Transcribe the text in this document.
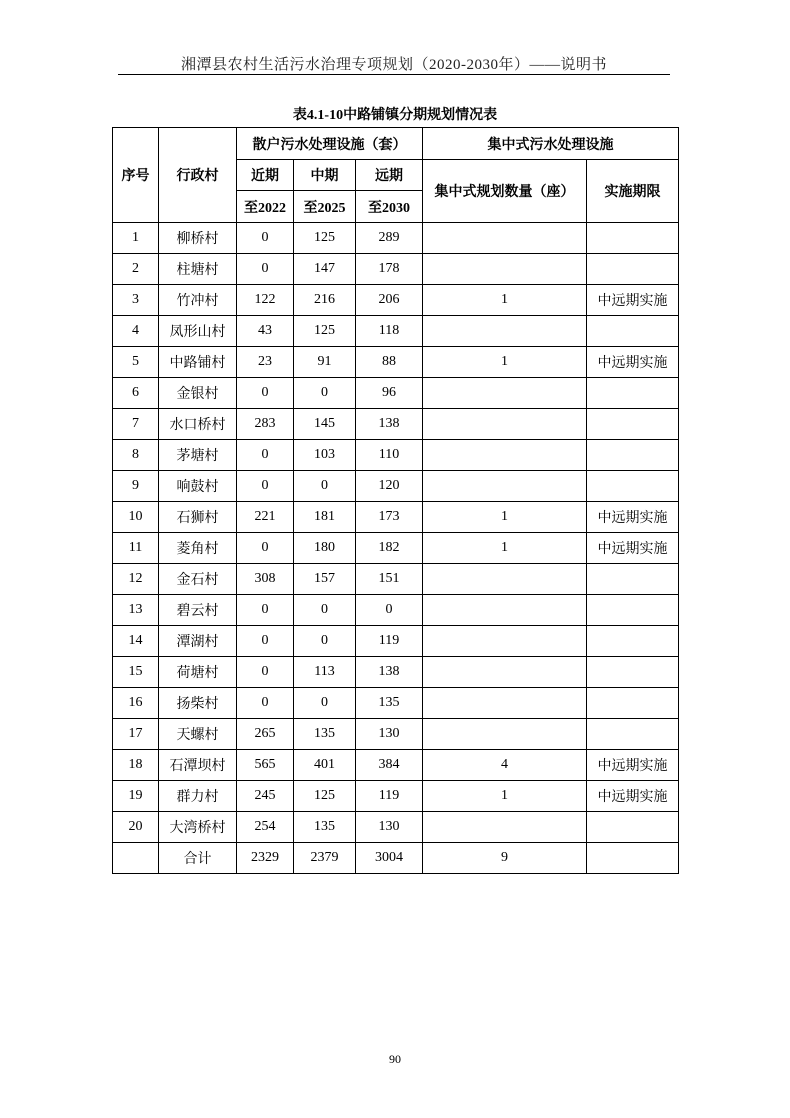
湘潭县农村生活污水治理专项规划（2020-2030年）——说明书
表4.1-10中路铺镇分期规划情况表
序号	行政村	散户污水处理设施（套）			集中式污水处理设施	
		近期	中期	远期	集中式规划数量（座）	实施期限
		至2022	至2025	至2030		
1	柳桥村	0	125	289		
2	柱塘村	0	147	178		
3	竹冲村	122	216	206	1	中远期实施
4	凤形山村	43	125	118		
5	中路铺村	23	91	88	1	中远期实施
6	金银村	0	0	96		
7	水口桥村	283	145	138		
8	茅塘村	0	103	110		
9	响鼓村	0	0	120		
10	石狮村	221	181	173	1	中远期实施
11	菱角村	0	180	182	1	中远期实施
12	金石村	308	157	151		
13	碧云村	0	0	0		
14	潭湖村	0	0	119		
15	荷塘村	0	113	138		
16	扬柴村	0	0	135		
17	天螺村	265	135	130		
18	石潭坝村	565	401	384	4	中远期实施
19	群力村	245	125	119	1	中远期实施
20	大湾桥村	254	135	130		
	合计	2329	2379	3004	9	
90
